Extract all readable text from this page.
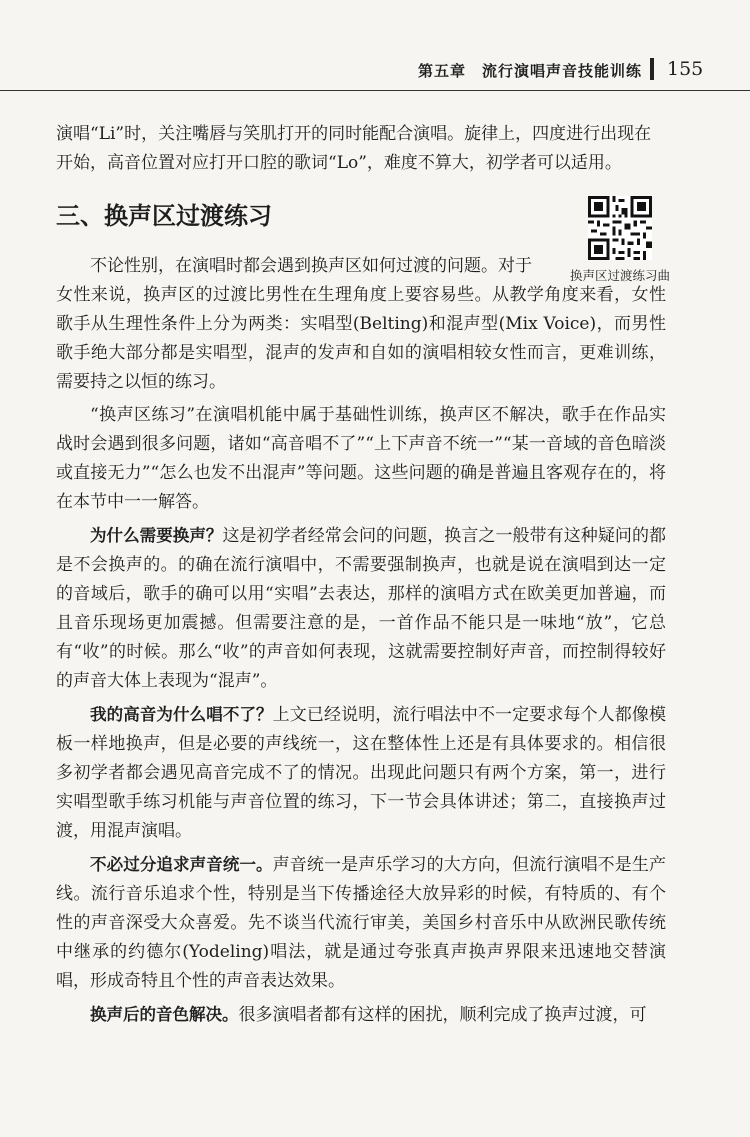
第五章 流行演唱声音技能训练 155
换声区过渡练习曲

演唱“Li”时，关注嘴唇与笑肌打开的同时能配合演唱。旋律上，四度进行出现在

开始，高音位置对应打开口腔的歌词“Lo”，难度不算大，初学者可以适用。

三、换声区过渡练习

不论性别，在演唱时都会遇到换声区如何过渡的问题。对于

女性来说，换声区的过渡比男性在生理角度上要容易些。从教学角度来看，女性歌手从生理性条件上分为两类：实唱型(Belting)和混声型(Mix Voice)，而男性歌手绝大部分都是实唱型，混声的发声和自如的演唱相较女性而言，更难训练，需要持之以恒的练习。

“换声区练习”在演唱机能中属于基础性训练，换声区不解决，歌手在作品实战时会遇到很多问题，诸如“高音唱不了”“上下声音不统一”“某一音域的音色暗淡或直接无力”“怎么也发不出混声”等问题。这些问题的确是普遍且客观存在的，将在本节中一一解答。

为什么需要换声？这是初学者经常会问的问题，换言之一般带有这种疑问的都是不会换声的。的确在流行演唱中，不需要强制换声，也就是说在演唱到达一定的音域后，歌手的确可以用“实唱”去表达，那样的演唱方式在欧美更加普遍，而且音乐现场更加震撼。但需要注意的是，一首作品不能只是一味地“放”，它总有“收”的时候。那么“收”的声音如何表现，这就需要控制好声音，而控制得较好的声音大体上表现为“混声”。

我的高音为什么唱不了？上文已经说明，流行唱法中不一定要求每个人都像模板一样地换声，但是必要的声线统一，这在整体性上还是有具体要求的。相信很多初学者都会遇见高音完成不了的情况。出现此问题只有两个方案，第一，进行实唱型歌手练习机能与声音位置的练习，下一节会具体讲述；第二，直接换声过渡，用混声演唱。

不必过分追求声音统一。声音统一是声乐学习的大方向，但流行演唱不是生产线。流行音乐追求个性，特别是当下传播途径大放异彩的时候，有特质的、有个性的声音深受大众喜爱。先不谈当代流行审美，美国乡村音乐中从欧洲民歌传统中继承的约德尔(Yodeling)唱法，就是通过夸张真声换声界限来迅速地交替演唱，形成奇特且个性的声音表达效果。

换声后的音色解决。很多演唱者都有这样的困扰，顺利完成了换声过渡，可
